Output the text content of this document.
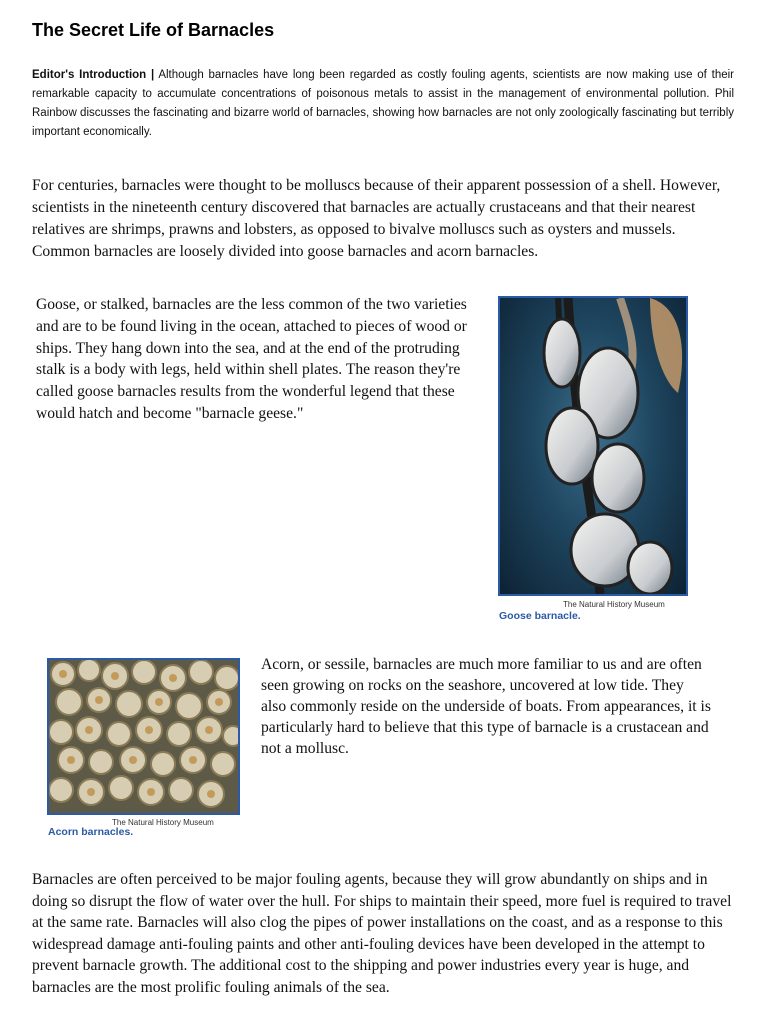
The Secret Life of Barnacles
Editor's Introduction | Although barnacles have long been regarded as costly fouling agents, scientists are now making use of their remarkable capacity to accumulate concentrations of poisonous metals to assist in the management of environmental pollution. Phil Rainbow discusses the fascinating and bizarre world of barnacles, showing how barnacles are not only zoologically fascinating but terribly important economically.
For centuries, barnacles were thought to be molluscs because of their apparent possession of a shell. However, scientists in the nineteenth century discovered that barnacles are actually crustaceans and that their nearest relatives are shrimps, prawns and lobsters, as opposed to bivalve molluscs such as oysters and mussels. Common barnacles are loosely divided into goose barnacles and acorn barnacles.
Goose, or stalked, barnacles are the less common of the two varieties and are to be found living in the ocean, attached to pieces of wood or ships. They hang down into the sea, and at the end of the protruding stalk is a body with legs, held within shell plates. The reason they're called goose barnacles results from the wonderful legend that these would hatch and become "barnacle geese."
The Natural History Museum
Goose barnacle.
The Natural History Museum
Acorn barnacles.
Acorn, or sessile, barnacles are much more familiar to us and are often seen growing on rocks on the seashore, uncovered at low tide. They also commonly reside on the underside of boats. From appearances, it is particularly hard to believe that this type of barnacle is a crustacean and not a mollusc.
Barnacles are often perceived to be major fouling agents, because they will grow abundantly on ships and in doing so disrupt the flow of water over the hull. For ships to maintain their speed, more fuel is required to travel at the same rate. Barnacles will also clog the pipes of power installations on the coast, and as a response to this widespread damage anti-fouling paints and other anti-fouling devices have been developed in the attempt to prevent barnacle growth. The additional cost to the shipping and power industries every year is huge, and barnacles are the most prolific fouling animals of the sea.
